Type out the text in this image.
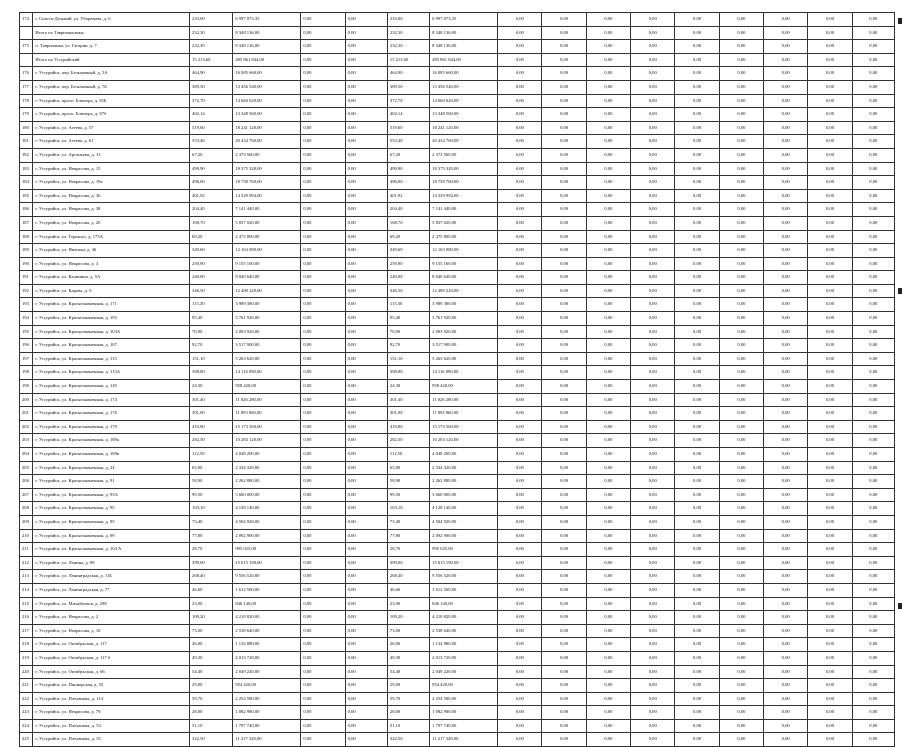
174	г. Спасск-Дальний, ул. Уборевича, д. 6	233,00	6 997 073,35	0,00	0,00	233,00	6 997 073,35	0,00	0,00	0,00	0,00	0,00	0,00	0,00	0,00	0,00
	Итого по Тавричанскому	232,30	8 348 136,00	0,00	0,00	232,30	8 348 136,00	0,00	0,00	0,00	0,00	0,00	0,00	0,00	0,00	0,00
175	п. Тавричанка, ул. Гагарин, д. 7	232,30	8 348 136,00	0,00	0,00	232,30	8 348 136,00	0,00	0,00	0,00	0,00	0,00	0,00	0,00	0,00	0,00
	Итого по Уссурийский	15 213,60	485 861 844,00	0,00	0,00	15 213,60	485 861 844,00	0,00	0,00	0,00	0,00	0,00	0,00	0,00	0,00	0,00
176	г. Уссурийск, пер. Бельмачный, д. 5А	464,90	16 085 660,00	0,00	0,00	464,90	16 085 660,00	0,00	0,00	0,00	0,00	0,00	0,00	0,00	0,00	0,00
177	г. Уссурийск, пер. Бельмачный, д. 7Б	389,50	13 456 540,00	0,00	0,00	389,50	13 456 540,00	0,00	0,00	0,00	0,00	0,00	0,00	0,00	0,00	0,00
178	г. Уссурийск, просп. Блюхера, д. 81Б	372,70	14 660 020,00	0,00	0,00	372,70	14 660 020,00	0,00	0,00	0,00	0,00	0,00	0,00	0,00	0,00	0,00
179	г. Уссурийск, просп. Блюхера, д. 87б	402,14	13 348 560,00	0,00	0,00	402,14	13 348 560,00	0,00	0,00	0,00	0,00	0,00	0,00	0,00	0,00	0,00
180	г. Уссурийск, ул. Агеева, д. 57	519,60	18 241 120,00	0,00	0,00	519,60	18 241 120,00	0,00	0,00	0,00	0,00	0,00	0,00	0,00	0,00	0,00
181	г. Уссурийск, ул. Агеева, д. 61	553,40	20 434 760,00	0,00	0,00	553,40	20 434 760,00	0,00	0,00	0,00	0,00	0,00	0,00	0,00	0,00	0,00
182	г. Уссурийск, ул. Арсеньева, д. 13	67,20	2 373 560,00	0,00	0,00	67,20	2 373 560,00	0,00	0,00	0,00	0,00	0,00	0,00	0,00	0,00	0,00
183	г. Уссурийск, ул. Некрасова, д. 15	499,90	18 375 320,00	0,00	0,00	499,90	18 375 320,00	0,00	0,00	0,00	0,00	0,00	0,00	0,00	0,00	0,00
184	г. Уссурийск, ул. Некрасова, д. 19а	496,00	18 739 760,00	0,00	0,00	496,00	18 739 760,00	0,00	0,00	0,00	0,00	0,00	0,00	0,00	0,00	0,00
185	г. Уссурийск, ул. Некрасова, д. 36	401,92	14 329 994,00	0,00	0,00	401,92	14 329 994,00	0,00	0,00	0,00	0,00	0,00	0,00	0,00	0,00	0,00
186	г. Уссурийск, ул. Некрасова, д. 38	204,40	7 141 440,00	0,00	0,00	204,40	7 141 440,00	0,00	0,00	0,00	0,00	0,00	0,00	0,00	0,00	0,00
187	г. Уссурийск, ул. Некрасова, д. 20	168,70	5 837 020,00	0,00	0,00	168,70	5 837 020,00	0,00	0,00	0,00	0,00	0,00	0,00	0,00	0,00	0,00
188	г. Уссурийск, ул. Горького, д. 175А	69,20	2 475 800,00	0,00	0,00	69,20	2 475 800,00	0,00	0,00	0,00	0,00	0,00	0,00	0,00	0,00	0,00
189	г. Уссурийск, ул. Ивасика, д. 46	349,60	12 163 080,00	0,00	0,00	349,60	12 163 080,00	0,00	0,00	0,00	0,00	0,00	0,00	0,00	0,00	0,00
190	г. Уссурийск, ул. Некрасова, д. 3	259,90	9 155 160,00	0,00	0,00	259,90	9 155 160,00	0,00	0,00	0,00	0,00	0,00	0,00	0,00	0,00	0,00
191	г. Уссурийск, ул. Калинина, д. 5А	240,00	8 040 640,00	0,00	0,00	240,00	8 040 640,00	0,00	0,00	0,00	0,00	0,00	0,00	0,00	0,00	0,00
192	г. Уссурийск, ул. Карова, д. 6	346,50	12 480 220,00	0,00	0,00	346,50	12 480 220,00	0,00	0,00	0,00	0,00	0,00	0,00	0,00	0,00	0,00
193	г. Уссурийск, ул. Краснознаменная, д. 171	115,30	3 989 380,00	0,00	0,00	115,30	3 989 380,00	0,00	0,00	0,00	0,00	0,00	0,00	0,00	0,00	0,00
194	г. Уссурийск, ул. Краснознаменная, д. 193	95,40	3 761 920,00	0,00	0,00	95,40	3 761 920,00	0,00	0,00	0,00	0,00	0,00	0,00	0,00	0,00	0,00
195	г. Уссурийск, ул. Краснознаменная, д. 103А	70,90	2 003 920,00	0,00	0,00	70,90	2 003 920,00	0,00	0,00	0,00	0,00	0,00	0,00	0,00	0,00	0,00
196	г. Уссурийск, ул. Краснознаменная, д. 107	92,70	3 517 900,00	0,00	0,00	92,70	3 517 900,00	0,00	0,00	0,00	0,00	0,00	0,00	0,00	0,00	0,00
197	г. Уссурийск, ул. Краснознаменная, д. 113	151,10	5 263 620,00	0,00	0,00	151,10	5 263 620,00	0,00	0,00	0,00	0,00	0,00	0,00	0,00	0,00	0,00
198	г. Уссурийск, ул. Краснознаменная, д. 113А	398,80	14 116 090,00	0,00	0,00	398,80	14 116 090,00	0,00	0,00	0,00	0,00	0,00	0,00	0,00	0,00	0,00
199	г. Уссурийск, ул. Краснознаменная, д. 118	24,30	958 420,00	0,00	0,00	24,30	958 420,00	0,00	0,00	0,00	0,00	0,00	0,00	0,00	0,00	0,00
200	г. Уссурийск, ул. Краснознаменная, д. 174	301,40	11 826 280,00	0,00	0,00	301,40	11 826 280,00	0,00	0,00	0,00	0,00	0,00	0,00	0,00	0,00	0,00
201	г. Уссурийск, ул. Краснознаменная, д. 176	301,00	11 893 860,00	0,00	0,00	301,00	11 893 860,00	0,00	0,00	0,00	0,00	0,00	0,00	0,00	0,00	0,00
202	г. Уссурийск, ул. Краснознаменная, д. 179	410,80	15 173 560,00	0,00	0,00	410,80	15 173 560,00	0,00	0,00	0,00	0,00	0,00	0,00	0,00	0,00	0,00
203	г. Уссурийск, ул. Краснознаменная, д. 189а	282,50	10 283 120,00	0,00	0,00	282,50	10 283 120,00	0,00	0,00	0,00	0,00	0,00	0,00	0,00	0,00	0,00
204	г. Уссурийск, ул. Краснознаменная, д. 189в	112,50	4 048 200,00	0,00	0,00	112,50	4 048 200,00	0,00	0,00	0,00	0,00	0,00	0,00	0,00	0,00	0,00
205	г. Уссурийск, ул. Краснознаменная, д. 24	65,00	2 334 320,00	0,00	0,00	65,00	2 334 320,00	0,00	0,00	0,00	0,00	0,00	0,00	0,00	0,00	0,00
206	г. Уссурийск, ул. Краснознаменная, д. 91	58,90	2 262 880,00	0,00	0,00	58,90	2 262 880,00	0,00	0,00	0,00	0,00	0,00	0,00	0,00	0,00	0,00
207	г. Уссурийск, ул. Краснознаменная, д. 93А	99,50	3 660 000,00	0,00	0,00	99,50	3 660 000,00	0,00	0,00	0,00	0,00	0,00	0,00	0,00	0,00	0,00
208	г. Уссурийск, ул. Краснознаменная, д. 95	103,10	4 128 140,00	0,00	0,00	103,10	4 128 140,00	0,00	0,00	0,00	0,00	0,00	0,00	0,00	0,00	0,00
209	г. Уссурийск, ул. Краснознаменная, д. 95	73,40	4 504 920,00	0,00	0,00	73,40	4 504 920,00	0,00	0,00	0,00	0,00	0,00	0,00	0,00	0,00	0,00
210	г. Уссурийск, ул. Краснознаменная, д. 99	77,80	2 092 900,00	0,00	0,00	77,80	2 092 900,00	0,00	0,00	0,00	0,00	0,00	0,00	0,00	0,00	0,00
211	г. Уссурийск, ул. Краснознаменная, д. 104 А	28,70	995 025,00	0,00	0,00	28,70	995 025,00	0,00	0,00	0,00	0,00	0,00	0,00	0,00	0,00	0,00
212	г. Уссурийск, ул. Ленина, д. 89	399,00	15 615 190,00	0,00	0,00	399,00	15 615 190,00	0,00	0,00	0,00	0,00	0,00	0,00	0,00	0,00	0,00
213	г. Уссурийск, ул. Ленинградская, д. 11Б	268,40	9 556 520,00	0,00	0,00	268,40	9 556 520,00	0,00	0,00	0,00	0,00	0,00	0,00	0,00	0,00	0,00
214	г. Уссурийск, ул. Ленинградская, д. 77	46,60	1 612 560,00	0,00	0,00	46,60	1 612 560,00	0,00	0,00	0,00	0,00	0,00	0,00	0,00	0,00	0,00
215	г. Уссурийск, ул. Михайловск, д. 298	23,90	846 140,00	0,00	0,00	23,90	846 140,00	0,00	0,00	0,00	0,00	0,00	0,00	0,00	0,00	0,00
216	г. Уссурийск, ул. Некрасова, д. 2	109,20	4 210 820,00	0,00	0,00	109,20	4 210 820,00	0,00	0,00	0,00	0,00	0,00	0,00	0,00	0,00	0,00
217	г. Уссурийск, ул. Некрасова, д. 16	73,00	2 538 640,00	0,00	0,00	73,00	2 538 640,00	0,00	0,00	0,00	0,00	0,00	0,00	0,00	0,00	0,00
218	г. Уссурийск, ул. Октябрьская, д. 117	26,00	1 134 880,00	0,00	0,00	26,00	1 134 880,00	0,00	0,00	0,00	0,00	0,00	0,00	0,00	0,00	0,00
219	г. Уссурийск, ул. Октябрьская, д. 117 б	49,30	2 013 720,00	0,00	0,00	49,30	2 013 720,00	0,00	0,00	0,00	0,00	0,00	0,00	0,00	0,00	0,00
220	г. Уссурийск, ул. Октябрьская, д. 66	54,40	2 049 220,00	0,00	0,00	54,40	2 049 220,00	0,00	0,00	0,00	0,00	0,00	0,00	0,00	0,00	0,00
221	г. Уссурийск, ул. Пионерская, д. 55	29,00	954 420,00	0,00	0,00	29,00	954 420,00	0,00	0,00	0,00	0,00	0,00	0,00	0,00	0,00	0,00
222	г. Уссурийск, ул. Плеханова, д. 114	59,70	2 254 580,00	0,00	0,00	59,70	2 254 580,00	0,00	0,00	0,00	0,00	0,00	0,00	0,00	0,00	0,00
223	г. Уссурийск, ул. Некрасова, д. 79	28,00	1 082 980,00	0,00	0,00	28,00	1 082 980,00	0,00	0,00	0,00	0,00	0,00	0,00	0,00	0,00	0,00
224	г. Уссурийск, ул. Плеханова, д. 53	51,10	1 797 740,00	0,00	0,00	51,10	1 797 740,00	0,00	0,00	0,00	0,00	0,00	0,00	0,00	0,00	0,00
225	г. Уссурийск, ул. Плеханова, д. 55	322,50	11 217 320,00	0,00	0,00	322,50	11 217 320,00	0,00	0,00	0,00	0,00	0,00	0,00	0,00	0,00	0,00
